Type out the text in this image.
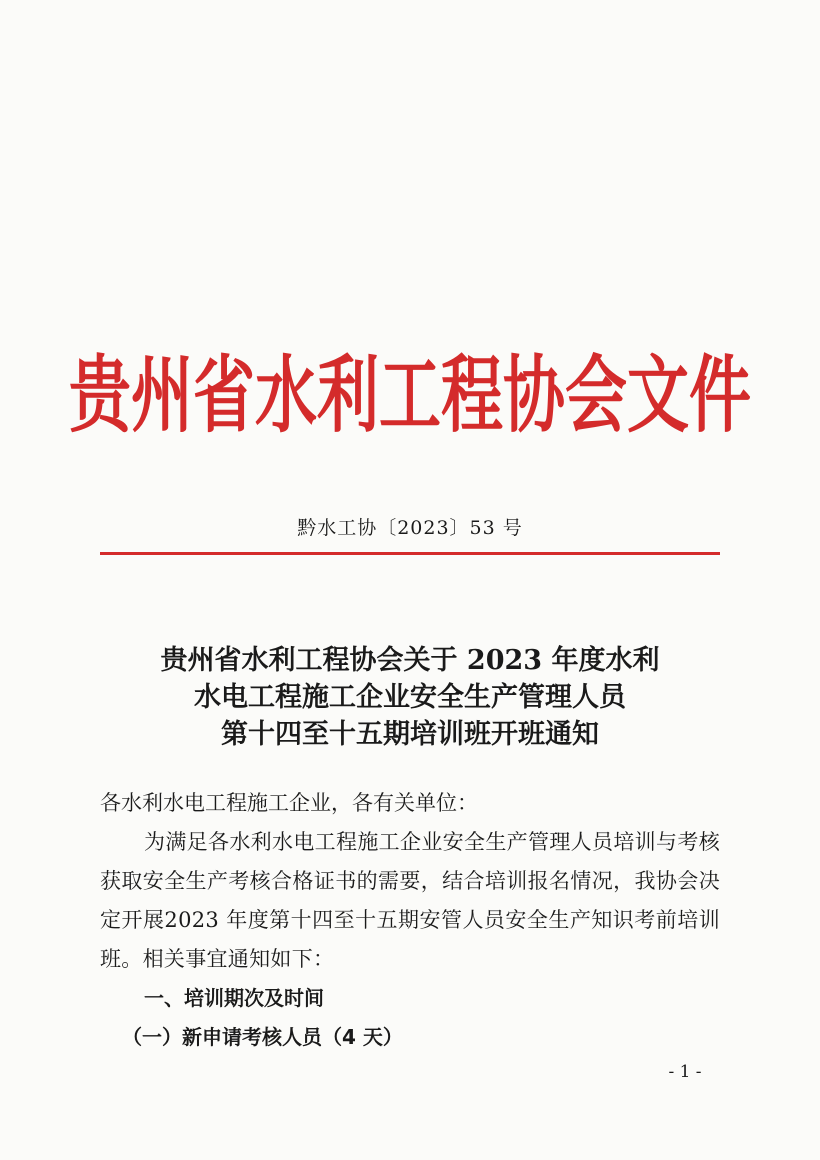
贵州省水利工程协会文件
黔水工协〔2023〕53 号
贵州省水利工程协会关于 2023 年度水利
水电工程施工企业安全生产管理人员
第十四至十五期培训班开班通知

各水利水电工程施工企业，各有关单位：

为满足各水利水电工程施工企业安全生产管理人员培训与考核获取安全生产考核合格证书的需要，结合培训报名情况，我协会决定开展2023 年度第十四至十五期安管人员安全生产知识考前培训班。相关事宜通知如下：

一、培训期次及时间

（一）新申请考核人员（4 天）

- 1 -
